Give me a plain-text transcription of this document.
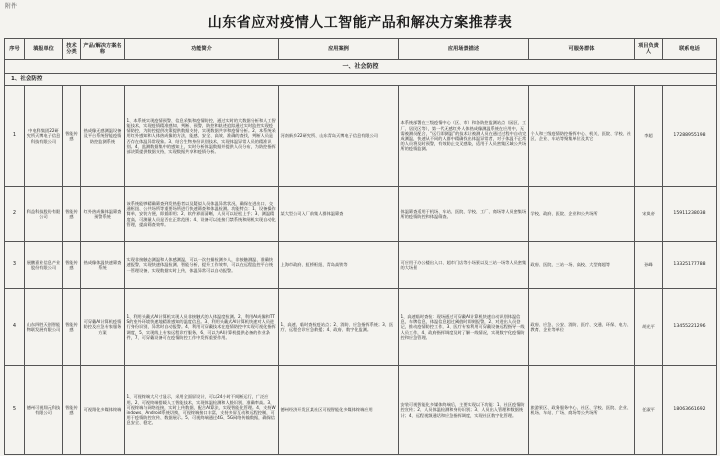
附件
山东省应对疫情人工智能产品和解决方案推荐表
序号	填报单位	技术分类	产品/解决方案名称	功能简介	应用案例	应用场景描述	可服务群体	项目负责人	联系电话
一、社会防控									
1、社会防控									
1	中电科集团22研究所天博电子信息科技有限公司	智能传感	热成像无感测温设备及平台系统智能疫情防控监测系统	1、本系统实现疫情预警、信息采集和疫情防控，通过实时的大数据分析和人工智能技术，实现疫情精准感知、判断、预警，防控和轨迹追踪通过实时监控实现疫情防控，为防控提供决策提供数据支持，实现数据共享和疫情分析。2、本系统采用红外感知和人体热成像的方法，能感、安全、高效、准确的查找，判断人员是否存在体温异常现象。3、结合生物身份识别技术，实现体温异常人员的精准识别。4、监测数据集中的感知上，实时分析体温数据并提供人员分布，为防控指挥部决策提供数据支持，实现数据共享和疫情分析。	河南新乡22研究所、山东青岛天博电子信息有限公司	本系统部署在三级疫情中心（区、市）和各防控监测站点（园区、工厂、居民区等），第一代无感红外人体热成像测温系统在应用中，无需被测员配合，“远行即测温”的技术让被测人员在通过过程中自动完成测温，快速从不同的人群中精确找出体温异常者，对于体温不正常的人员将及时预警，有效防止交叉感染，适用于人员密集区域公共场所的疫情监测。	个人和三级疫情防控指挥中心、机关、医院、学校、社区、企业、车站等聚集单位及其它	李超	17288955198
2	科益科技股份有限公司	智能传感	红外热成像体温筛查预警系统	该系统能够精确筛查到发热患者以及疑似人员体温异常状况，确保在进出口、交通枢纽、公共场所等重要场所进行快速筛查和体温检测。功能特点：1、设备操作简单，安装方便，即插即用；2、软件界面清晰，人员可以轻松上手；3、测温精度高，可测量人员是否在正常范围；4、设备可以连接门禁系统和闸机实现自动化管理，提高筛查效率。	某大型公司入厂前集人群体温筛查	体温筛查适用于机场、车站、医院、学校、工厂、商场等人员密集场所的疫情防控和体温筛查。	学校、政府、医院、企业和公共场所	宋岚帝	15911238038
3	展鹏嘉业信息产业股份有限公司	智能传感	热成像体温快速筛查系统	实现非接触态测温和人体感测温，可以一次扫描检测多人，非接触测温、准确快速报警，实现快速体温检测、智能分析，提升工作效率，可以在远程监控平台统一管理设备，实现数据实时上传，体温异常可以自动报警。	上海市政府、虹桥枢纽、青岛高铁等	可应用于办公楼出入口、超市门店等小场景以及三站一场等人员密集的大场景	政府、医院、三站一场、高校、大型商超等	孙峰	13325177788
4	山东四胜天创智能物联发展有限公司	智能传感	可穿戴AI计算机疫情防控及应急专家服务方案	1、利用头戴式AI计算机实现人员非接触式的人体温度检测。2、利用AI成像和TTS的室外环境快速地精准感知的温度信息。3、利用头戴式AI计算机快速对人员进行身份识别，异常时自动报警。4、利用可穿戴技术在疫情防控中实现可视化指挥调度，5、实现线上专家远程诊疗服务，6、可以为AI计算机提供必备的作业条件，7、可穿戴设备可在疫情防控工作中发挥重要作用。	1、高速、临时查检疫站点；2、消防、应急指挥系统；3、医疗、远程会诊应急救援；4、政府、数字化监测。	1、高速临时查检：现场通过可穿戴AI计算机快速自动识别体温信息，车牌信息，体温信息超过阈值时即刻报警，2、对进出人员登记，推动疫情防控工作，3、医疗专家利用可穿戴设备远程指导一线人员工作，4、政府指挥调度及时了解一线情况，实现数字化疫情防控和应急管理。	政府、应急、公安、消防、医疗、交通、环保、电力、教育、企业等单位	胡光平	13455221296
5	德州可视翔元科技有限公司	智能传感	可视翔化多媒体终端	1、可视终端大尺寸显示，采用全面屏设计，可以24小时不间断运行，广泛应用。2、可视终端搭载人工智能技术，实现体温检测和人脸识别，准确率高。3、可视终端与网络连接，实时上传数据，配合AI算法，实现智能化管理。4、支持Windows、Android系统切换，可视终端接口丰富，支持多屏互动和远程控制，可用于疫情防控宣传、数据展示。5、可视终端通过4G、5G网络传输数据，确保信息安全、稳定。	德州经济开发区某社区可视智能化多媒体终端应用	安装可视智能化多媒体终端后，主要实现以下功能：1、社区疫情防控宣传；2、人员体温检测和身份识别；3、人员出入管理和数据统计；4、远程视频通话和应急指挥调度，实现社区数字化管理。	旅游景区、政务服务中心、社区、学校、医院、企业、机场、车站、广场、商场等公共场所	任淑平	18063661692
